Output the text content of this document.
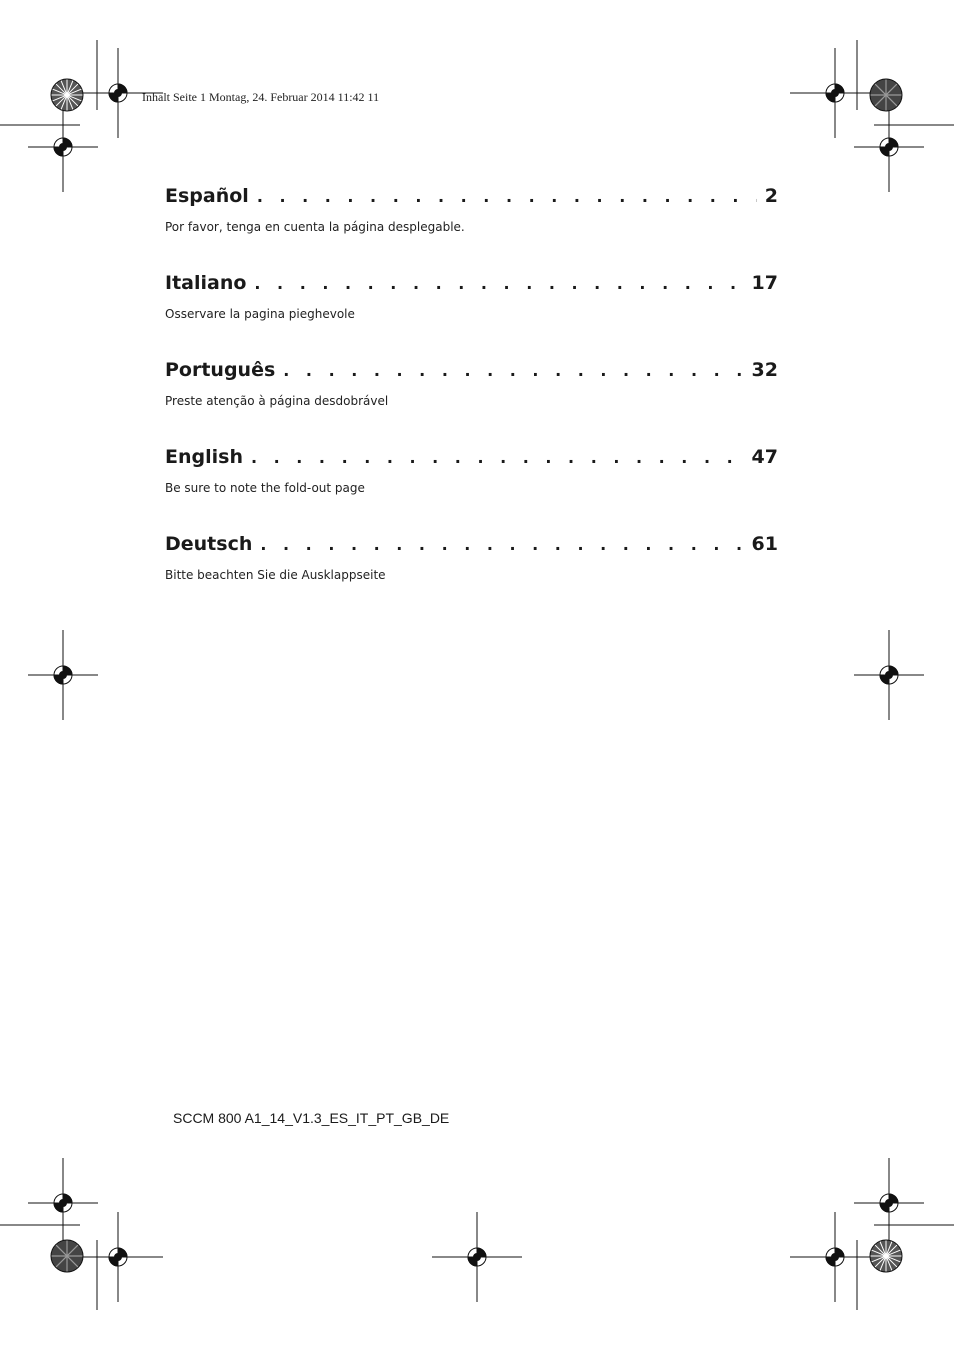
Inhalt Seite 1 Montag, 24. Februar 2014 11:42 11
Español . . .	2
Por favor, tenga en cuenta la página desplegable.
Italiano . . .	17
Osservare la pagina pieghevole
Português . . .	32
Preste atenção à página desdobrável
English . . .	47
Be sure to note the fold-out page
Deutsch . . .	61
Bitte beachten Sie die Ausklappseite
SCCM 800 A1_14_V1.3_ES_IT_PT_GB_DE
